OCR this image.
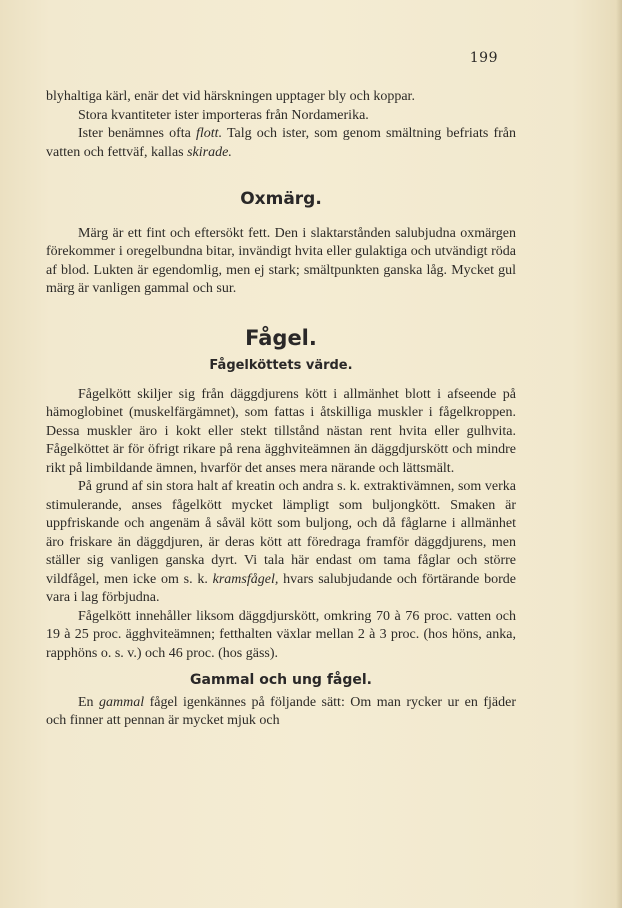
199

blyhaltiga kärl, enär det vid härskningen upptager bly och koppar.

Stora kvantiteter ister importeras från Nordamerika.

Ister benämnes ofta flott. Talg och ister, som genom smältning befriats från vatten och fettväf, kallas skirade.

Oxmärg.

Märg är ett fint och eftersökt fett. Den i slaktarstånden salubjudna oxmärgen förekommer i oregelbundna bitar, invändigt hvita eller gulaktiga och utvändigt röda af blod. Lukten är egendomlig, men ej stark; smältpunkten ganska låg. Mycket gul märg är vanligen gammal och sur.

Fågel.
Fågelköttets värde.

Fågelkött skiljer sig från däggdjurens kött i allmänhet blott i afseende på hämoglobinet (muskelfärgämnet), som fattas i åtskilliga muskler i fågelkroppen. Dessa muskler äro i kokt eller stekt tillstånd nästan rent hvita eller gulhvita. Fågelköttet är för öfrigt rikare på rena ägghviteämnen än däggdjurskött och mindre rikt på limbildande ämnen, hvarför det anses mera närande och lättsmält.

På grund af sin stora halt af kreatin och andra s. k. extraktivämnen, som verka stimulerande, anses fågelkött mycket lämpligt som buljongkött. Smaken är uppfriskande och angenäm å såväl kött som buljong, och då fåglarne i allmänhet äro friskare än däggdjuren, är deras kött att föredraga framför däggdjurens, men ställer sig vanligen ganska dyrt. Vi tala här endast om tama fåglar och större vildfågel, men icke om s. k. kramsfågel, hvars salubjudande och förtärande borde vara i lag förbjudna.

Fågelkött innehåller liksom däggdjurskött, omkring 70 à 76 proc. vatten och 19 à 25 proc. ägghviteämnen; fetthalten växlar mellan 2 à 3 proc. (hos höns, anka, rapphöns o. s. v.) och 46 proc. (hos gäss).

Gammal och ung fågel.

En gammal fågel igenkännes på följande sätt: Om man rycker ur en fjäder och finner att pennan är mycket mjuk och
